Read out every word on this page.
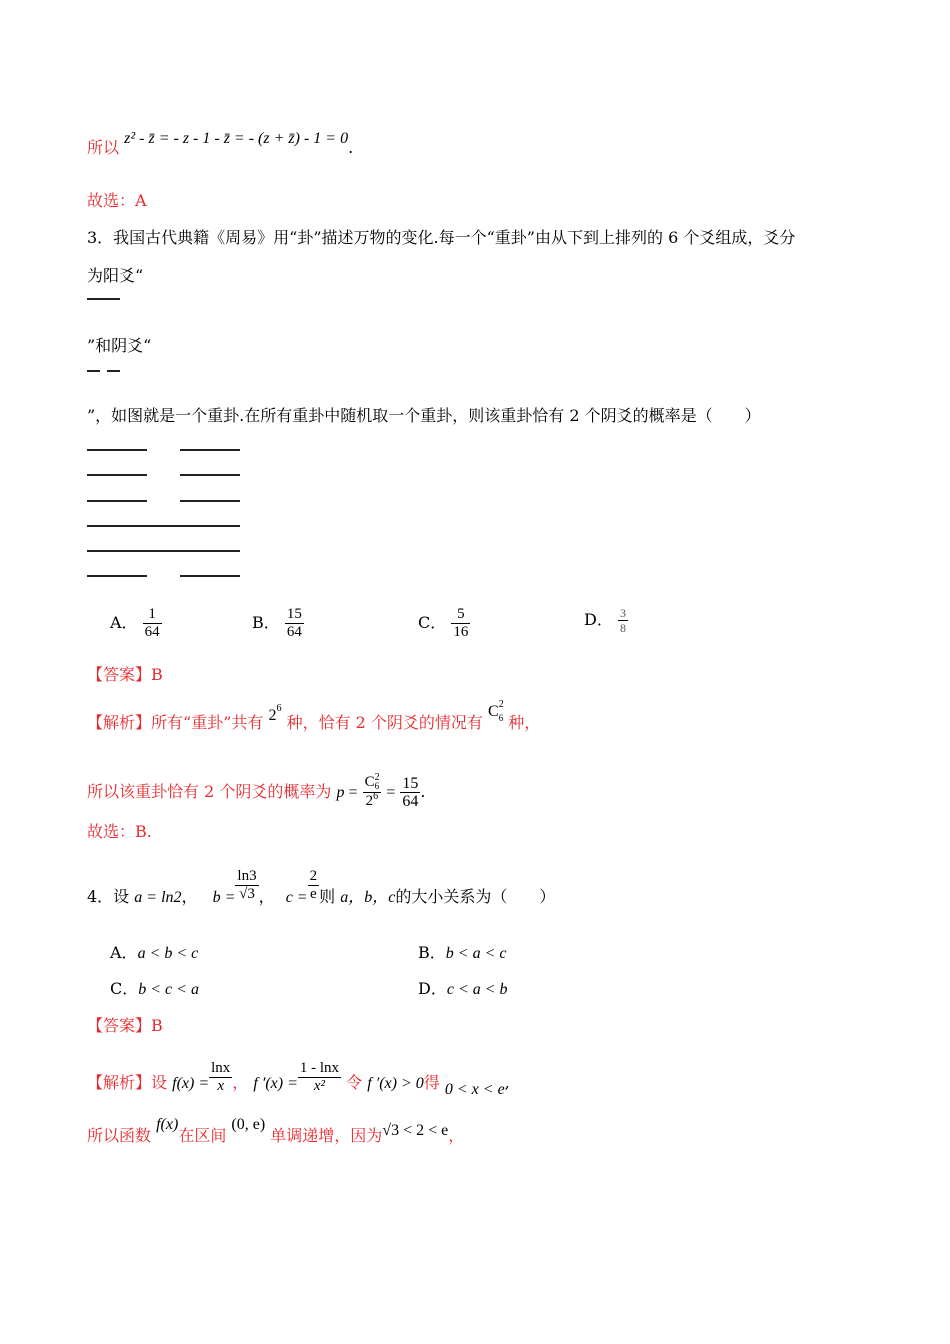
所以 z² - z̄ = - z - 1 - z̄ = - (z + z̄) - 1 = 0.
故选：A
3．我国古代典籍《周易》用“卦”描述万物的变化.每一个“重卦”由从下到上排列的 6 个爻组成，爻分
为阳爻“
”和阴爻“
”，如图就是一个重卦.在所有重卦中随机取一个重卦，则该重卦恰有 2 个阴爻的概率是（　　）
A． $\frac{1}{64}$	B． $\frac{15}{64}$	C． $\frac{5}{16}$	D． $\frac{3}{8}$
【答案】B
【解析】所有“重卦”共有 $2^6$ 种，恰有 2 个阴爻的情况有 $C^2_6$ 种，
所以该重卦恰有 2 个阴爻的概率为 $p = \frac{C^2_6}{2^6} = \frac{15}{64}$ .
故选：B.
4．设 a = ln2， $b = \frac{\ln 3}{√3}$ ， $c = \frac{2}{e}$ 则 a，b，c的大小关系为（　　）
A．a < b < c	B．b < a < c
C．b < c < a	D．c < a < b
【答案】B
【解析】设 $f(x) = \frac{\ln x}{x}$ ， f $'(x) = \frac{1 - \ln x}{\text{x²}}$ 令 f ′(x) > 0得 0 < x < e,
所以函数 f(x)在区间 (0, e) 单调递增，因为√3 < 2 < e，
